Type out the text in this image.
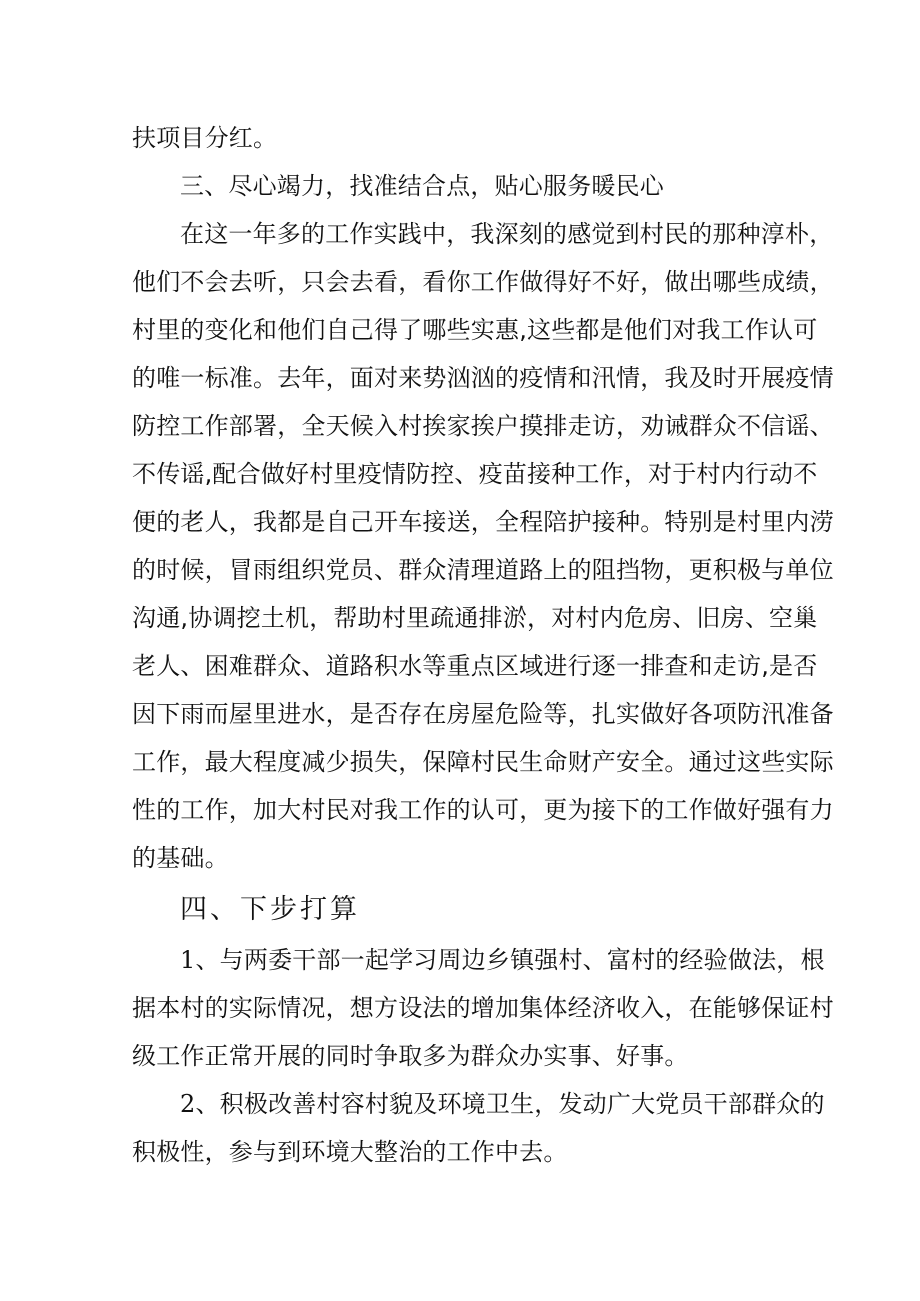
扶项目分红。
三、尽心竭力，找准结合点，贴心服务暖民心
在这一年多的工作实践中，我深刻的感觉到村民的那种淳朴，
他们不会去听，只会去看，看你工作做得好不好，做出哪些成绩，
村里的变化和他们自己得了哪些实惠,这些都是他们对我工作认可
的唯一标准。去年，面对来势汹汹的疫情和汛情，我及时开展疫情
防控工作部署，全天候入村挨家挨户摸排走访，劝诫群众不信谣、
不传谣,配合做好村里疫情防控、疫苗接种工作，对于村内行动不
便的老人，我都是自己开车接送，全程陪护接种。特别是村里内涝
的时候，冒雨组织党员、群众清理道路上的阻挡物，更积极与单位
沟通,协调挖土机，帮助村里疏通排淤，对村内危房、旧房、空巢
老人、困难群众、道路积水等重点区域进行逐一排查和走访,是否
因下雨而屋里进水，是否存在房屋危险等，扎实做好各项防汛准备
工作，最大程度减少损失，保障村民生命财产安全。通过这些实际
性的工作，加大村民对我工作的认可，更为接下的工作做好强有力
的基础。
四、下步打算
1、与两委干部一起学习周边乡镇强村、富村的经验做法，根
据本村的实际情况，想方设法的增加集体经济收入，在能够保证村
级工作正常开展的同时争取多为群众办实事、好事。
2、积极改善村容村貌及环境卫生，发动广大党员干部群众的
积极性，参与到环境大整治的工作中去。
